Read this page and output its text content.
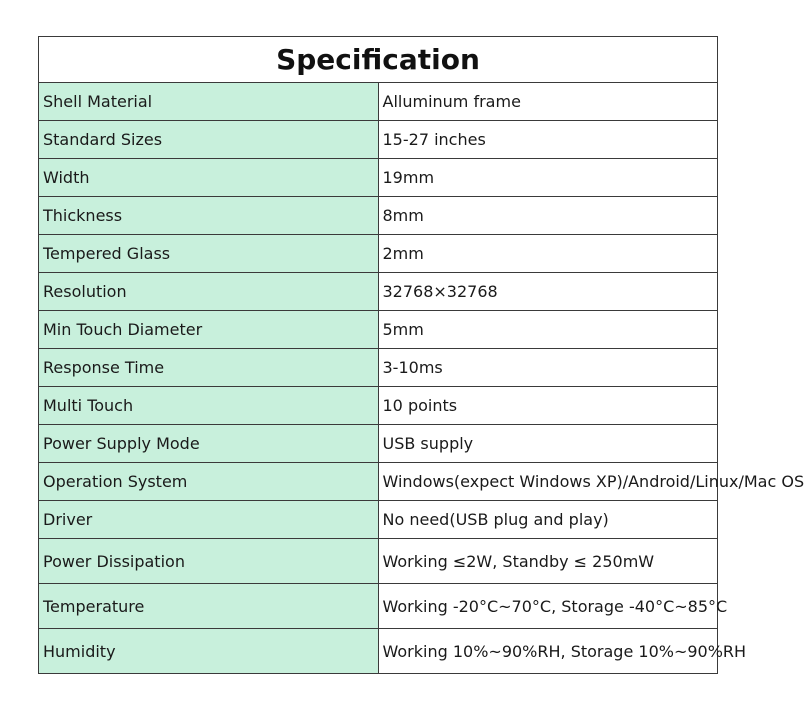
Specification	
Shell Material	Alluminum frame
Standard Sizes	15-27 inches
Width	19mm
Thickness	8mm
Tempered Glass	2mm
Resolution	32768×32768
Min Touch Diameter	5mm
Response Time	3-10ms
Multi Touch	10 points
Power Supply Mode	USB supply
Operation System	Windows(expect Windows XP)/Android/Linux/Mac OS
Driver	No need(USB plug and play)
Power Dissipation	Working ≤2W, Standby ≤ 250mW
Temperature	Working -20°C~70°C, Storage -40°C~85°C
Humidity	Working 10%~90%RH, Storage 10%~90%RH
